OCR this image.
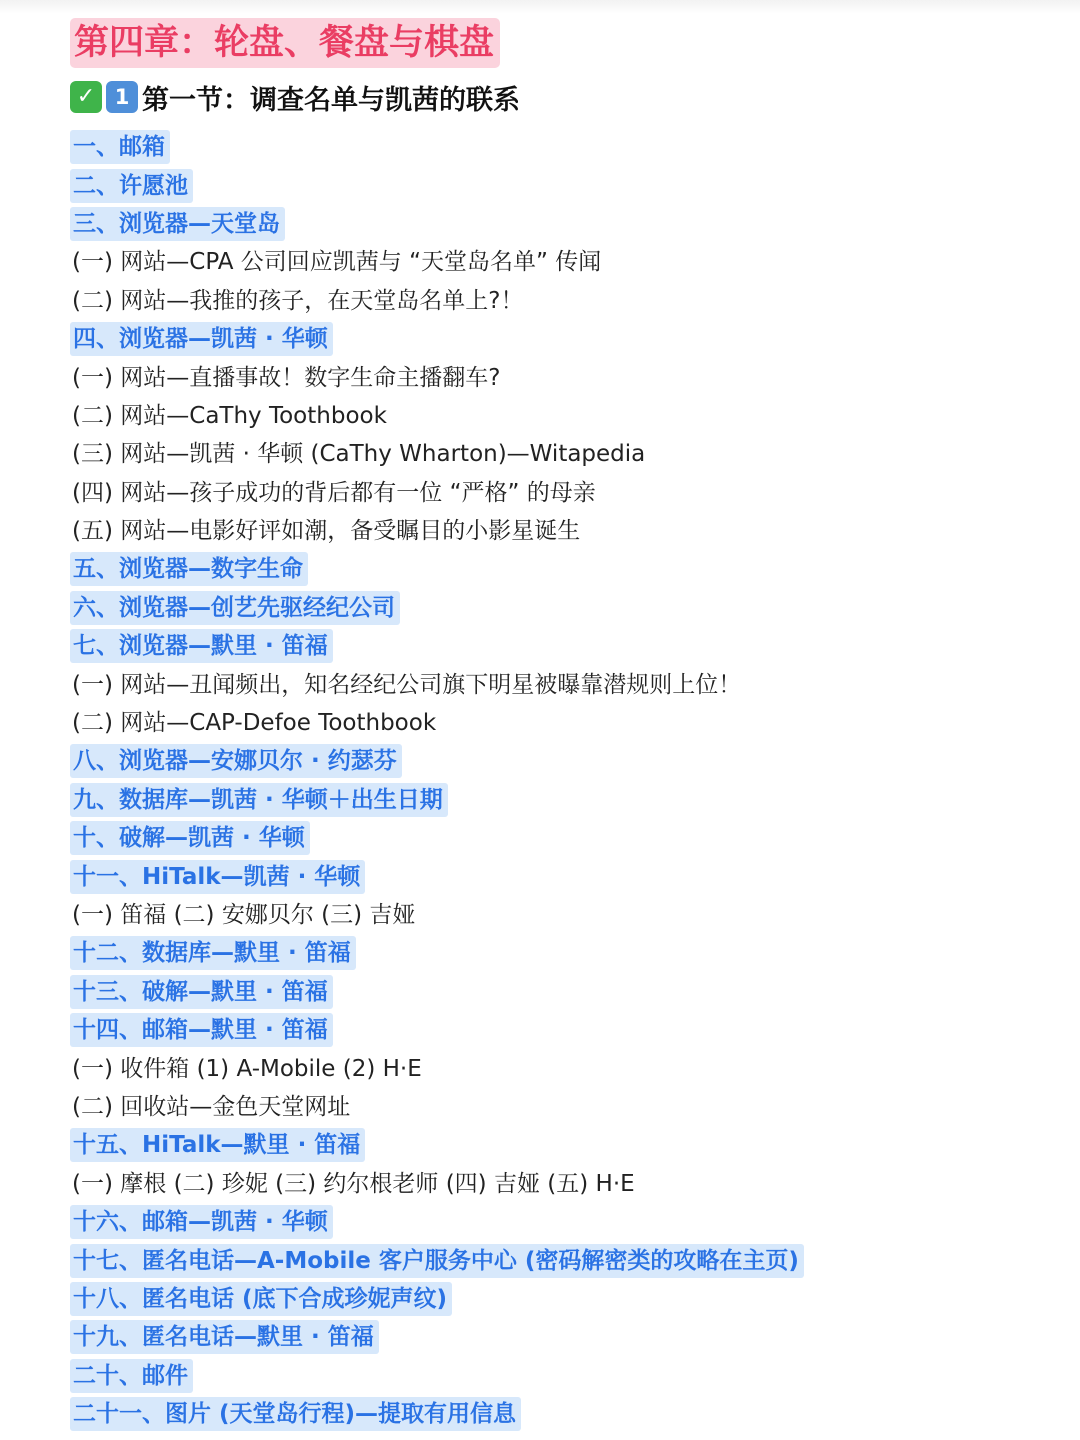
第四章：轮盘、餐盘与棋盘
✓ 1 第一节：调查名单与凯茜的联系
一、邮箱
二、许愿池
三、浏览器—天堂岛
(一) 网站—CPA 公司回应凯茜与 “天堂岛名单” 传闻
(二) 网站—我推的孩子，在天堂岛名单上?！
四、浏览器—凯茜 · 华顿
(一) 网站—直播事故！数字生命主播翻车?
(二) 网站—CaThy Toothbook
(三) 网站—凯茜 · 华顿 (CaThy Wharton)—Witapedia
(四) 网站—孩子成功的背后都有一位 “严格” 的母亲
(五) 网站—电影好评如潮，备受瞩目的小影星诞生
五、浏览器—数字生命
六、浏览器—创艺先驱经纪公司
七、浏览器—默里 · 笛福
(一) 网站—丑闻频出，知名经纪公司旗下明星被曝靠潜规则上位！
(二) 网站—CAP-Defoe Toothbook
八、浏览器—安娜贝尔 · 约瑟芬
九、数据库—凯茜 · 华顿＋出生日期
十、破解—凯茜 · 华顿
十一、HiTalk—凯茜 · 华顿
(一) 笛福 (二) 安娜贝尔 (三) 吉娅
十二、数据库—默里 · 笛福
十三、破解—默里 · 笛福
十四、邮箱—默里 · 笛福
(一) 收件箱 (1) A-Mobile (2) H·E
(二) 回收站—金色天堂网址
十五、HiTalk—默里 · 笛福
(一) 摩根 (二) 珍妮 (三) 约尔根老师 (四) 吉娅 (五) H·E
十六、邮箱—凯茜 · 华顿
十七、匿名电话—A-Mobile 客户服务中心 (密码解密类的攻略在主页)
十八、匿名电话 (底下合成珍妮声纹)
十九、匿名电话—默里 · 笛福
二十、邮件
二十一、图片 (天堂岛行程)—提取有用信息
